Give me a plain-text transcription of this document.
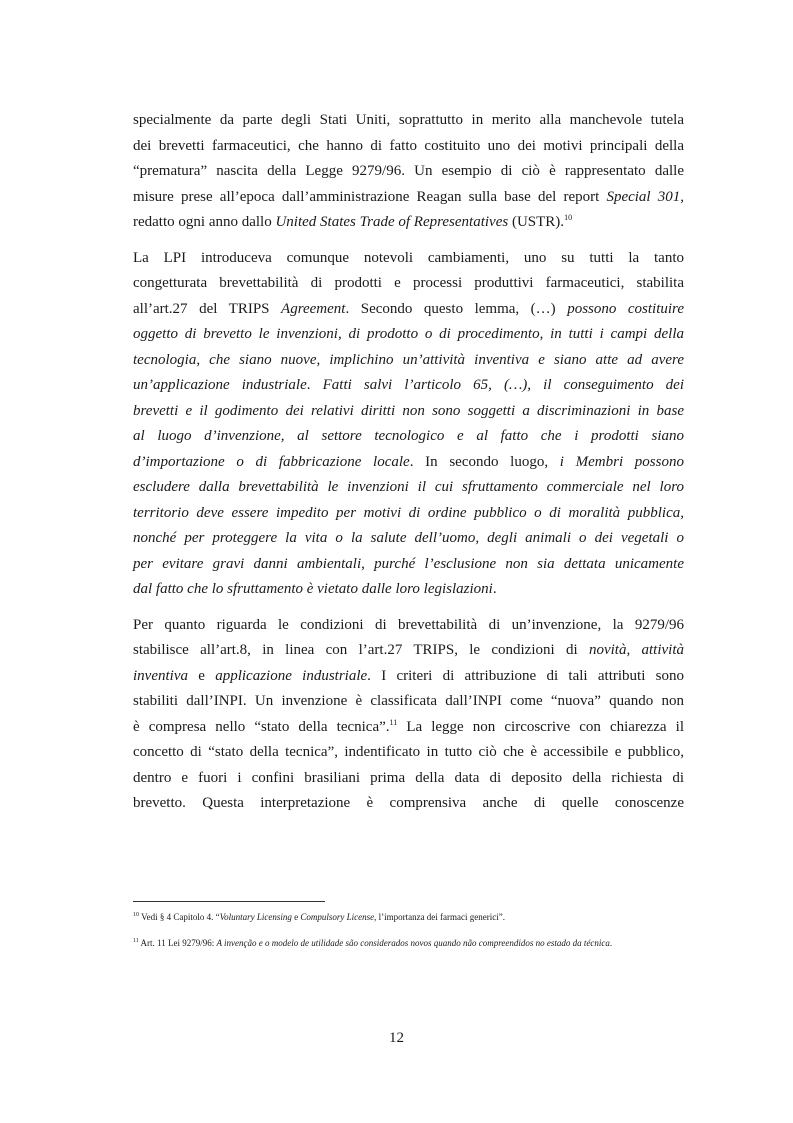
specialmente da parte degli Stati Uniti, soprattutto in merito alla manchevole tutela
dei brevetti farmaceutici, che hanno di fatto costituito uno dei motivi principali della
“prematura” nascita della Legge 9279/96. Un esempio di ciò è rappresentato dalle
misure prese all’epoca dall’amministrazione Reagan sulla base del report Special 301,
redatto ogni anno dallo United States Trade of Representatives (USTR).$^{10}$

La LPI introduceva comunque notevoli cambiamenti, uno su tutti la tanto
congetturata brevettabilità di prodotti e processi produttivi farmaceutici, stabilita
all’art.27 del TRIPS Agreement. Secondo questo lemma, (…) possono costituire
oggetto di brevetto le invenzioni, di prodotto o di procedimento, in tutti i campi della
tecnologia, che siano nuove, implichino un’attività inventiva e siano atte ad avere
un’applicazione industriale. Fatti salvi l’articolo 65, (…), il conseguimento dei
brevetti e il godimento dei relativi diritti non sono soggetti a discriminazioni in base
al luogo d’invenzione, al settore tecnologico e al fatto che i prodotti siano
d’importazione o di fabbricazione locale. In secondo luogo, i Membri possono
escludere dalla brevettabilità le invenzioni il cui sfruttamento commerciale nel loro
territorio deve essere impedito per motivi di ordine pubblico o di moralità pubblica,
nonché per proteggere la vita o la salute dell’uomo, degli animali o dei vegetali o
per evitare gravi danni ambientali, purché l’esclusione non sia dettata unicamente
dal fatto che lo sfruttamento è vietato dalle loro legislazioni.

Per quanto riguarda le condizioni di brevettabilità di un’invenzione, la 9279/96
stabilisce all’art.8, in linea con l’art.27 TRIPS, le condizioni di novità, attività
inventiva e applicazione industriale. I criteri di attribuzione di tali attributi sono
stabiliti dall’INPI. Un invenzione è classificata dall’INPI come “nuova” quando non
è compresa nello “stato della tecnica”.$^{11}$ La legge non circoscrive con chiarezza il
concetto di “stato della tecnica”, indentificato in tutto ciò che è accessibile e pubblico,
dentro e fuori i confini brasiliani prima della data di deposito della richiesta di
brevetto. Questa interpretazione è comprensiva anche di quelle conoscenze

$^{10}$ Vedi § 4 Capitolo 4. “Voluntary Licensing e Compulsory License, l’importanza dei farmaci generici”.

$^{11}$ Art. 11 Lei 9279/96: A invenção e o modelo de utilidade são considerados novos quando não compreendidos no estado da técnica.

12
